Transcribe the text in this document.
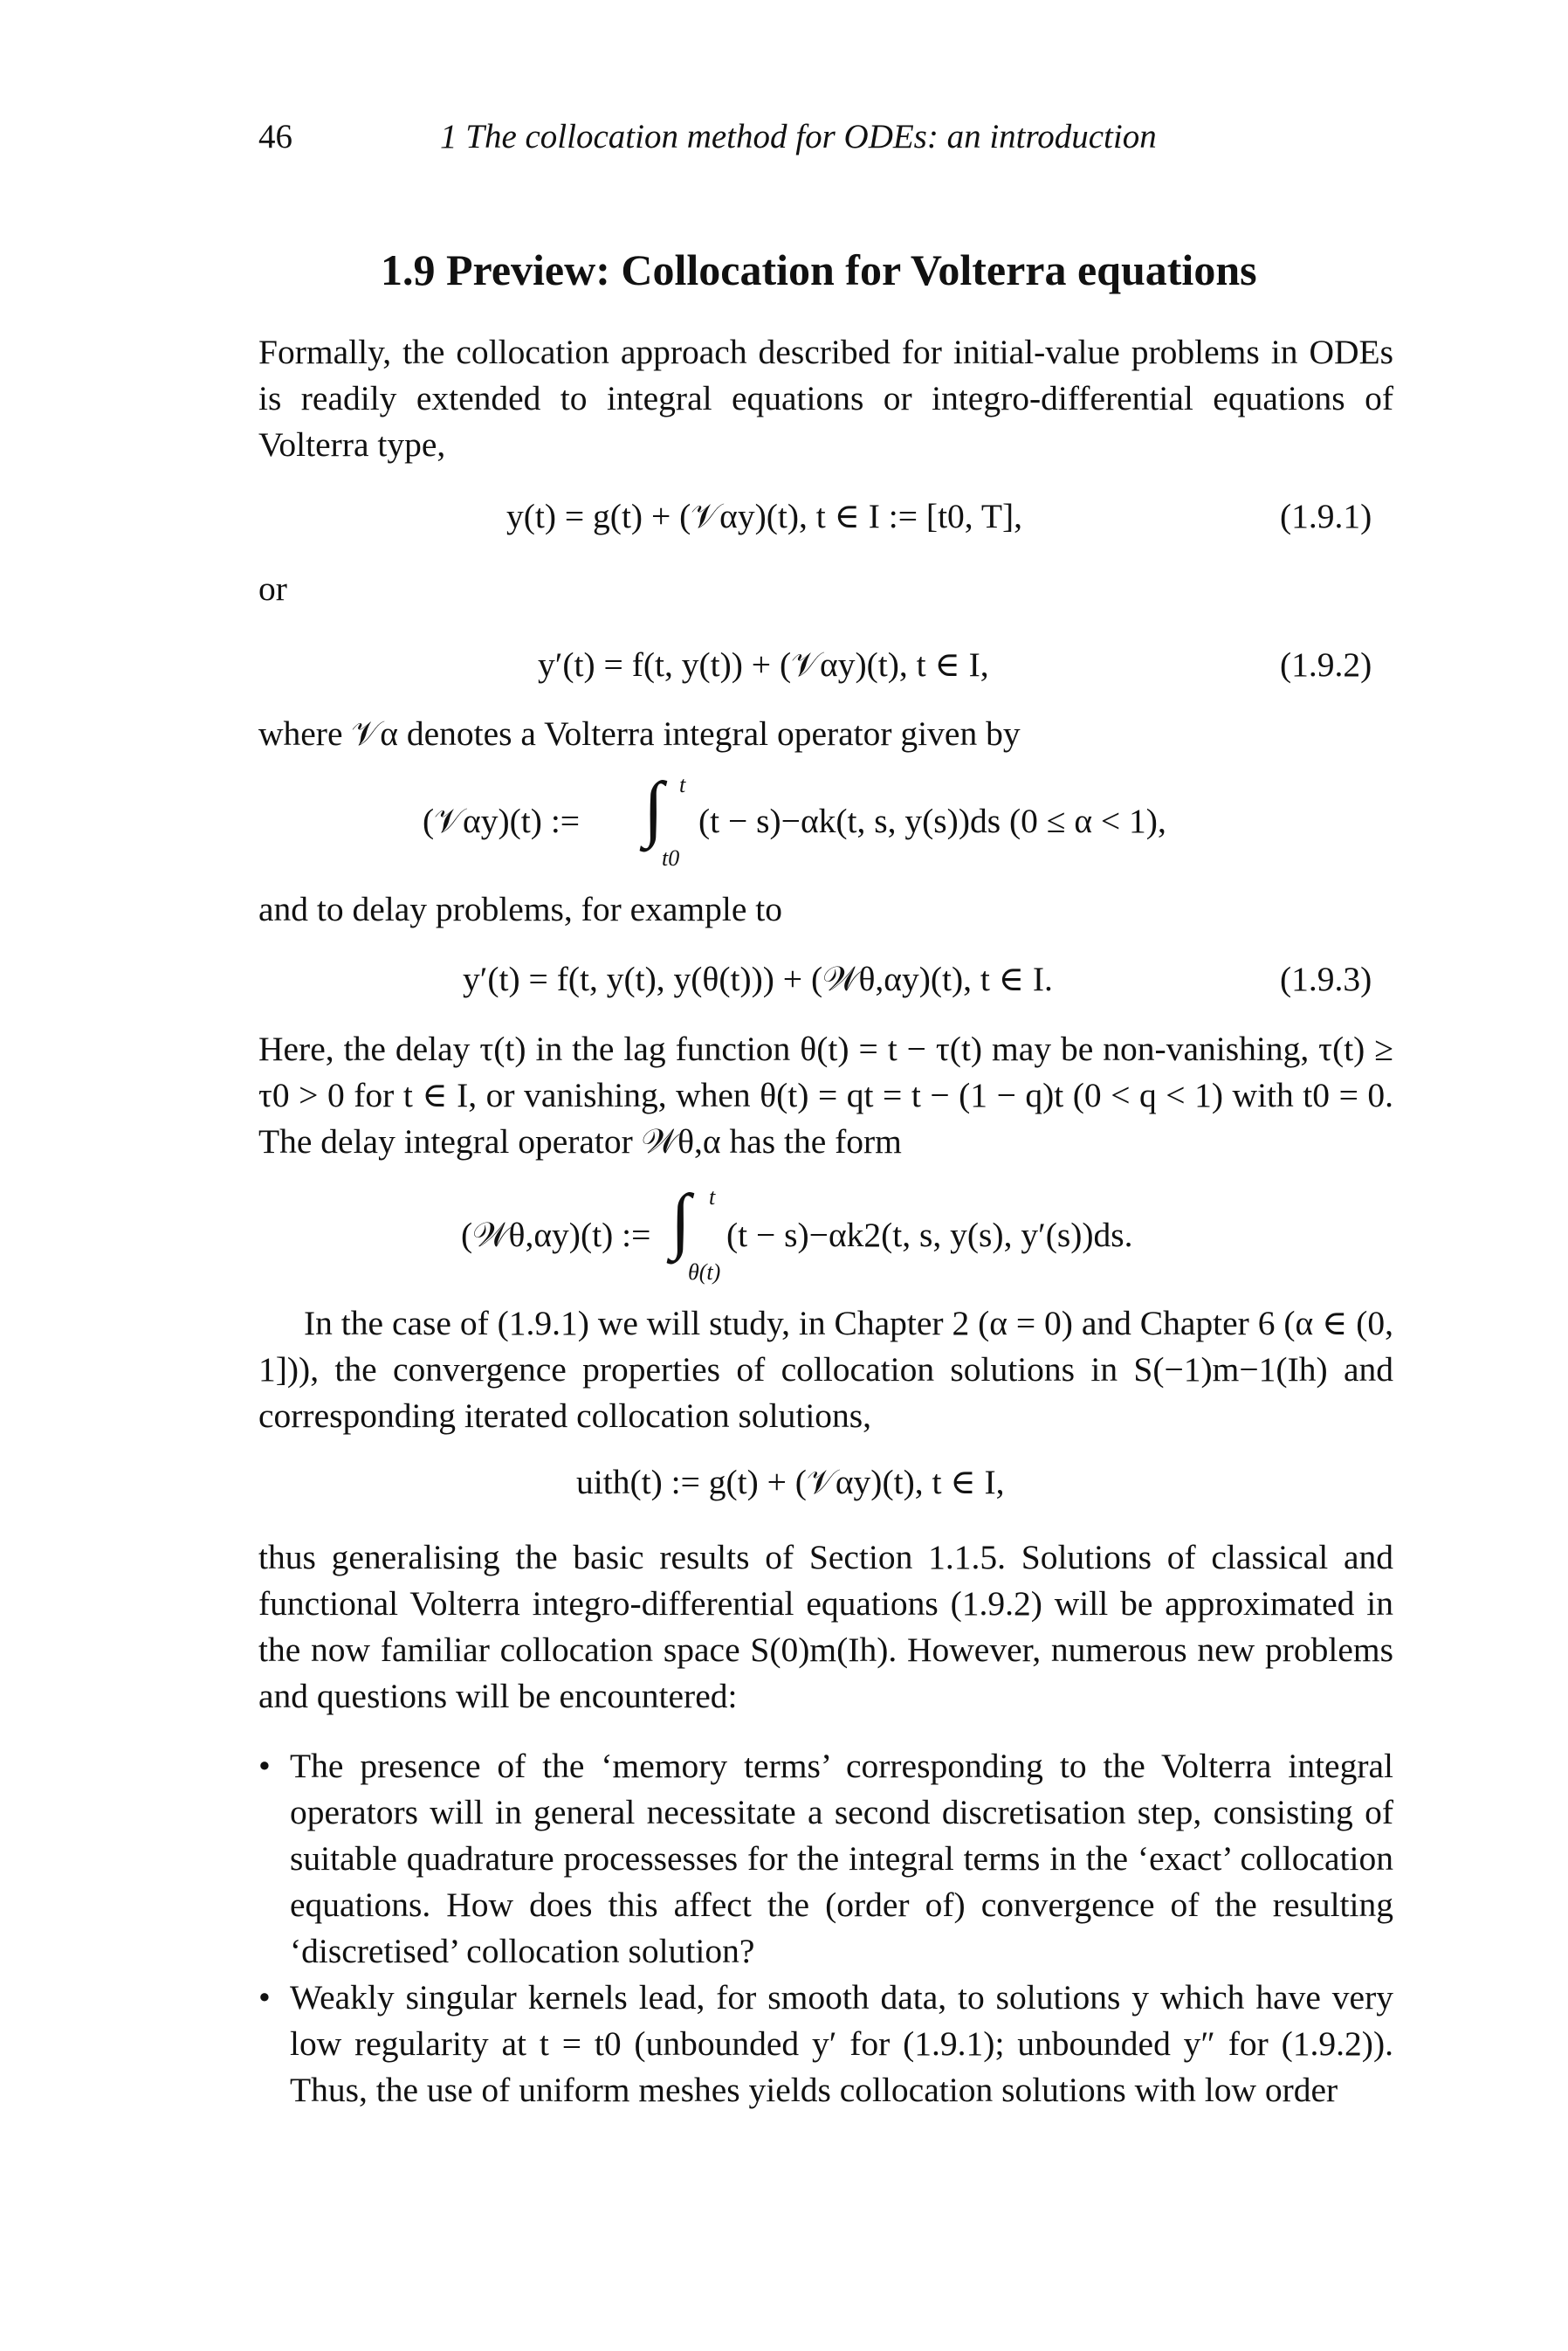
46	1 The collocation method for ODEs: an introduction
1.9 Preview: Collocation for Volterra equations

Formally, the collocation approach described for initial-value problems in ODEs is readily extended to integral equations or integro-differential equations of Volterra type,

y(t) = g(t) + (𝒱αy)(t), t ∈ I := [t0, T],	(1.9.1)
or
y′(t) = f(t, y(t)) + (𝒱αy)(t), t ∈ I,	(1.9.2)
where 𝒱α denotes a Volterra integral operator given by
(𝒱αy)(t) := ∫ t
t0
(t − s)−αk(t, s, y(s))ds (0 ≤ α < 1),
and to delay problems, for example to
y′(t) = f(t, y(t), y(θ(t))) + (𝒲θ,αy)(t), t ∈ I.	(1.9.3)

Here, the delay τ(t) in the lag function θ(t) = t − τ(t) may be non-vanishing, τ(t) ≥ τ0 > 0 for t ∈ I, or vanishing, when θ(t) = qt = t − (1 − q)t (0 < q < 1) with t0 = 0. The delay integral operator 𝒲θ,α has the form

(𝒲θ,αy)(t) := ∫ t
θ(t)
(t − s)−αk2(t, s, y(s), y′(s))ds.

In the case of (1.9.1) we will study, in Chapter 2 (α = 0) and Chapter 6 (α ∈ (0, 1])), the convergence properties of collocation solutions in S(−1)m−1(Ih) and corresponding iterated collocation solutions,

uith(t) := g(t) + (𝒱αy)(t), t ∈ I,

thus generalising the basic results of Section 1.1.5. Solutions of classical and functional Volterra integro-differential equations (1.9.2) will be approximated in the now familiar collocation space S(0)m(Ih). However, numerous new problems and questions will be encountered:

• The presence of the ‘memory terms’ corresponding to the Volterra integral operators will in general necessitate a second discretisation step, consisting of suitable quadrature processesses for the integral terms in the ‘exact’ collocation equations. How does this affect the (order of) convergence of the resulting ‘discretised’ collocation solution?
• Weakly singular kernels lead, for smooth data, to solutions y which have very low regularity at t = t0 (unbounded y′ for (1.9.1); unbounded y″ for (1.9.2)). Thus, the use of uniform meshes yields collocation solutions with low order
